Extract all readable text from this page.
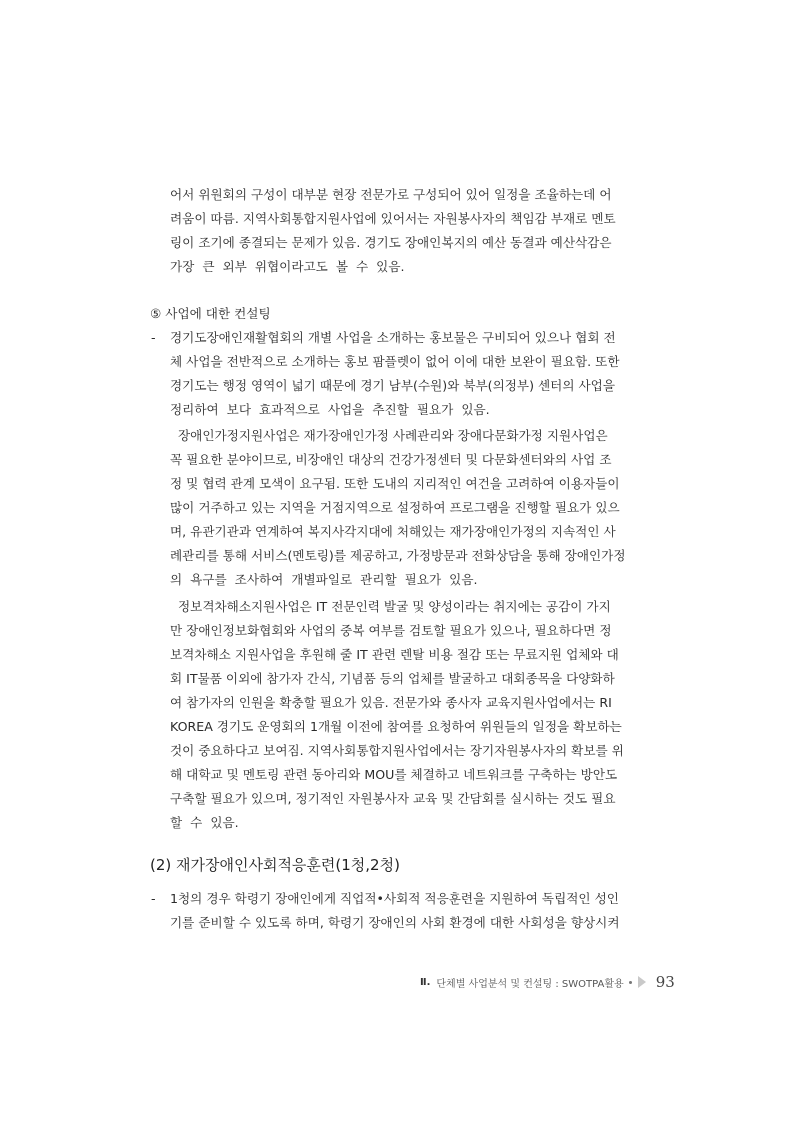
어서 위원회의 구성이 대부분 현장 전문가로 구성되어 있어 일정을 조율하는데 어
려움이 따름. 지역사회통합지원사업에 있어서는 자원봉사자의 책임감 부재로 멘토
링이 조기에 종결되는 문제가 있음. 경기도 장애인복지의 예산 동결과 예산삭감은
가장 큰 외부 위협이라고도 볼 수 있음.
⑤ 사업에 대한 컨설팅
- 경기도장애인재활협회의 개별 사업을 소개하는 홍보물은 구비되어 있으나 협회 전
체 사업을 전반적으로 소개하는 홍보 팜플렛이 없어 이에 대한 보완이 필요함. 또한
경기도는 행정 영역이 넓기 때문에 경기 남부(수원)와 북부(의정부) 센터의 사업을
정리하여 보다 효과적으로 사업을 추진할 필요가 있음.
장애인가정지원사업은 재가장애인가정 사례관리와 장애다문화가정 지원사업은
꼭 필요한 분야이므로, 비장애인 대상의 건강가정센터 및 다문화센터와의 사업 조
정 및 협력 관계 모색이 요구됨. 또한 도내의 지리적인 여건을 고려하여 이용자들이
많이 거주하고 있는 지역을 거점지역으로 설정하여 프로그램을 진행할 필요가 있으
며, 유관기관과 연계하여 복지사각지대에 처해있는 재가장애인가정의 지속적인 사
례관리를 통해 서비스(멘토링)를 제공하고, 가정방문과 전화상담을 통해 장애인가정
의 욕구를 조사하여 개별파일로 관리할 필요가 있음.
정보격차해소지원사업은 IT 전문인력 발굴 및 양성이라는 취지에는 공감이 가지
만 장애인정보화협회와 사업의 중복 여부를 검토할 필요가 있으나, 필요하다면 정
보격차해소 지원사업을 후원해 줄 IT 관련 렌탈 비용 절감 또는 무료지원 업체와 대
회 IT물품 이외에 참가자 간식, 기념품 등의 업체를 발굴하고 대회종목을 다양화하
여 참가자의 인원을 확충할 필요가 있음. 전문가와 종사자 교육지원사업에서는 RI
KOREA 경기도 운영회의 1개월 이전에 참여를 요청하여 위원들의 일정을 확보하는
것이 중요하다고 보여짐. 지역사회통합지원사업에서는 장기자원봉사자의 확보를 위
해 대학교 및 멘토링 관련 동아리와 MOU를 체결하고 네트워크를 구축하는 방안도
구축할 필요가 있으며, 정기적인 자원봉사자 교육 및 간담회를 실시하는 것도 필요
할 수 있음.
(2) 재가장애인사회적응훈련(1청,2청)
- 1청의 경우 학령기 장애인에게 직업적•사회적 적응훈련을 지원하여 독립적인 성인
기를 준비할 수 있도록 하며, 학령기 장애인의 사회 환경에 대한 사회성을 향상시켜
Ⅱ. 단체별 사업분석 및 컨설팅 : SWOTPA활용 93
